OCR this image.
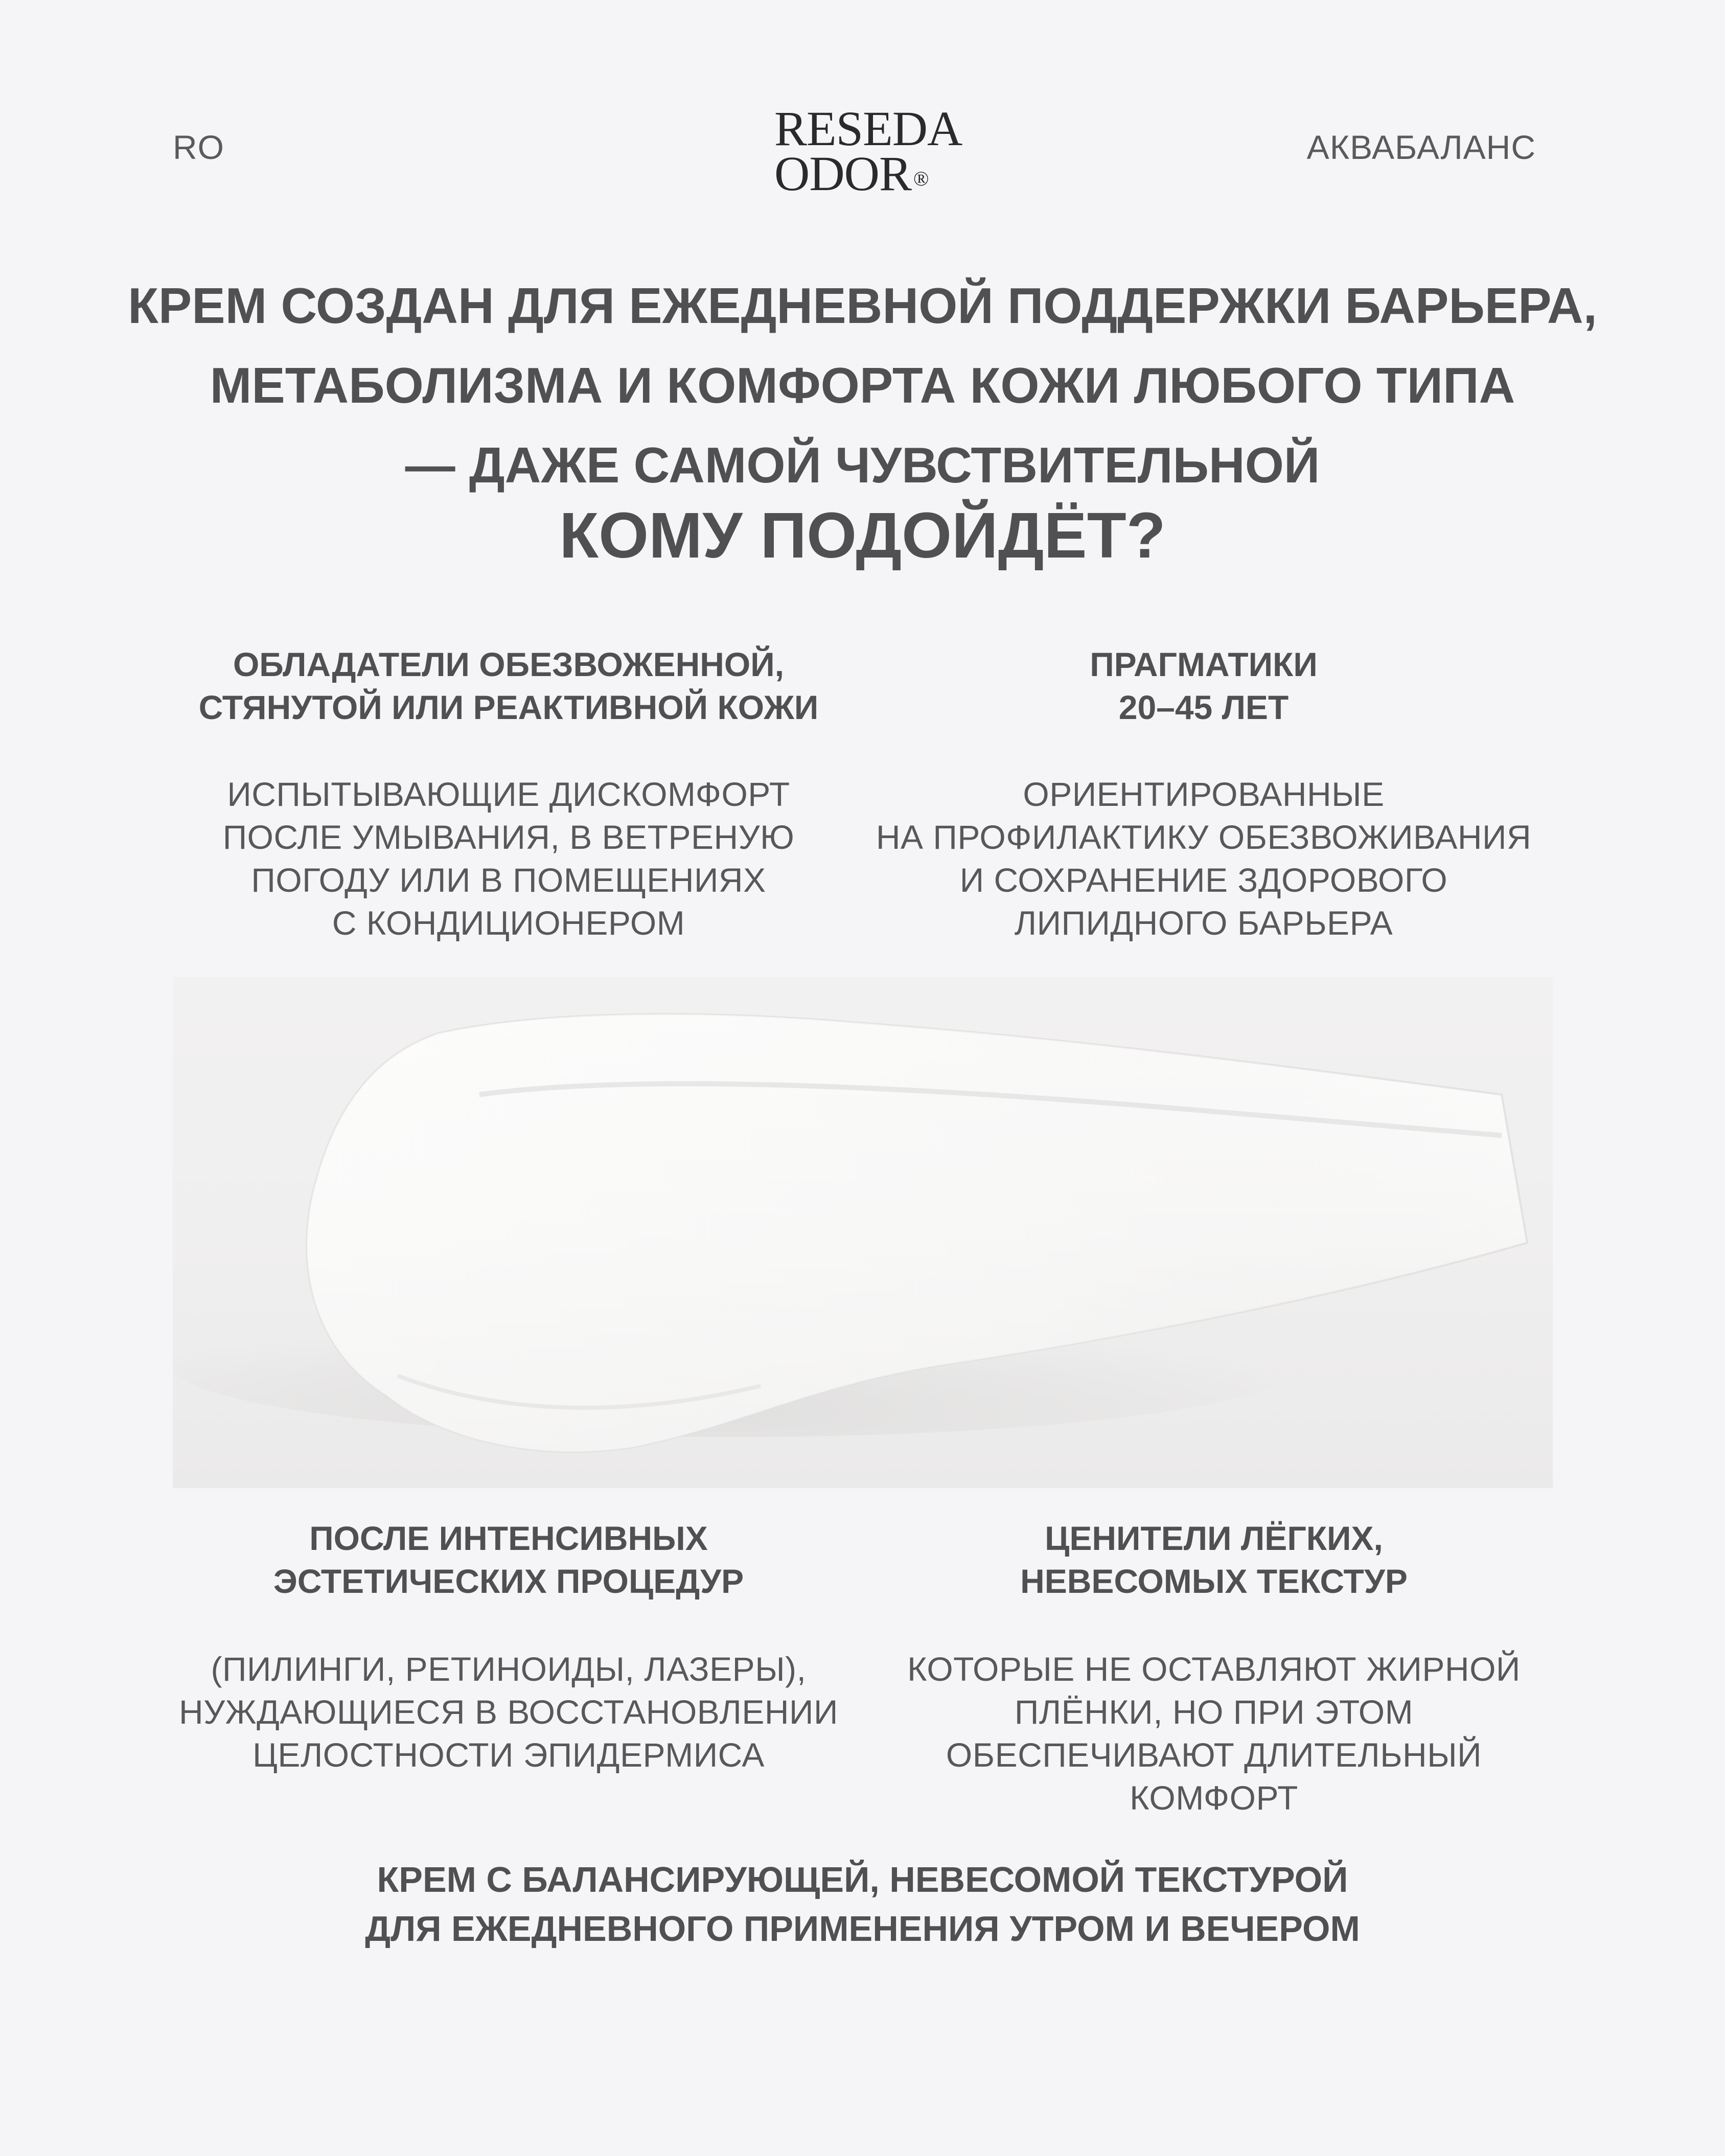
RO	RESEDA
ODOR ®
АКВАБАЛАНС
КРЕМ СОЗДАН ДЛЯ ЕЖЕДНЕВНОЙ ПОДДЕРЖКИ БАРЬЕРА,
МЕТАБОЛИЗМА И КОМФОРТА КОЖИ ЛЮБОГО ТИПА
— ДАЖЕ САМОЙ ЧУВСТВИТЕЛЬНОЙ
КОМУ ПОДОЙДЁТ?
ОБЛАДАТЕЛИ ОБЕЗВОЖЕННОЙ,
СТЯНУТОЙ ИЛИ РЕАКТИВНОЙ КОЖИ
ИСПЫТЫВАЮЩИЕ ДИСКОМФОРТ
ПОСЛЕ УМЫВАНИЯ, В ВЕТРЕНУЮ
ПОГОДУ ИЛИ В ПОМЕЩЕНИЯХ
С КОНДИЦИОНЕРОМ
ПРАГМАТИКИ
20–45 ЛЕТ
ОРИЕНТИРОВАННЫЕ
НА ПРОФИЛАКТИКУ ОБЕЗВОЖИВАНИЯ
И СОХРАНЕНИЕ ЗДОРОВОГО
ЛИПИДНОГО БАРЬЕРА
ПОСЛЕ ИНТЕНСИВНЫХ
ЭСТЕТИЧЕСКИХ ПРОЦЕДУР
(ПИЛИНГИ, РЕТИНОИДЫ, ЛАЗЕРЫ),
НУЖДАЮЩИЕСЯ В ВОССТАНОВЛЕНИИ
ЦЕЛОСТНОСТИ ЭПИДЕРМИСА
ЦЕНИТЕЛИ ЛЁГКИХ,
НЕВЕСОМЫХ ТЕКСТУР
КОТОРЫЕ НЕ ОСТАВЛЯЮТ ЖИРНОЙ
ПЛЁНКИ, НО ПРИ ЭТОМ
ОБЕСПЕЧИВАЮТ ДЛИТЕЛЬНЫЙ
КОМФОРТ
КРЕМ С БАЛАНСИРУЮЩЕЙ, НЕВЕСОМОЙ ТЕКСТУРОЙ
ДЛЯ ЕЖЕДНЕВНОГО ПРИМЕНЕНИЯ УТРОМ И ВЕЧЕРОМ
